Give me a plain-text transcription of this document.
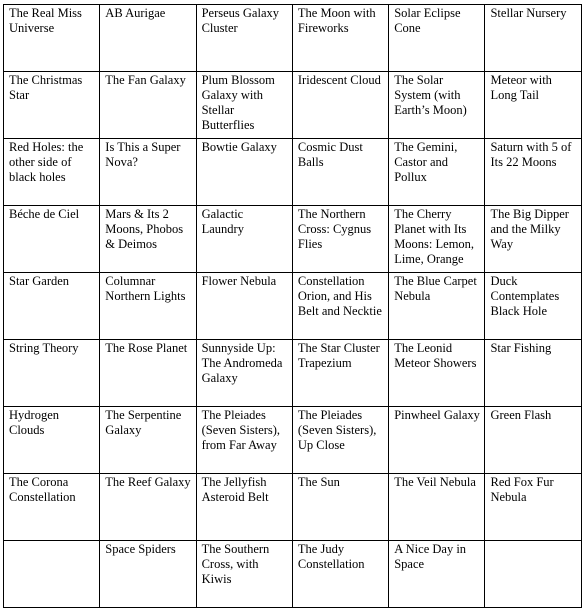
The Real Miss Universe	AB Aurigae	Perseus Galaxy Cluster	The Moon with Fireworks	Solar Eclipse Cone	Stellar Nursery
The Christmas Star	The Fan Galaxy	Plum Blossom Galaxy with Stellar Butterflies	Iridescent Cloud	The Solar System (with Earth’s Moon)	Meteor with Long Tail
Red Holes: the other side of black holes	Is This a Super Nova?	Bowtie Galaxy	Cosmic Dust Balls	The Gemini, Castor and Pollux	Saturn with 5 of Its 22 Moons
Béche de Ciel	Mars & Its 2 Moons, Phobos & Deimos	Galactic Laundry	The Northern Cross: Cygnus Flies	The Cherry Planet with Its Moons: Lemon, Lime, Orange	The Big Dipper and the Milky Way
Star Garden	Columnar Northern Lights	Flower Nebula	Constellation Orion, and His Belt and Necktie	The Blue Carpet Nebula	Duck Contemplates Black Hole
String Theory	The Rose Planet	Sunnyside Up: The Andromeda Galaxy	The Star Cluster Trapezium	The Leonid Meteor Showers	Star Fishing
Hydrogen Clouds	The Serpentine Galaxy	The Pleiades (Seven Sisters), from Far Away	The Pleiades (Seven Sisters), Up Close	Pinwheel Galaxy	Green Flash
The Corona Constellation	The Reef Galaxy	The Jellyfish Asteroid Belt	The Sun	The Veil Nebula	Red Fox Fur Nebula
	Space Spiders	The Southern Cross, with Kiwis	The Judy Constellation	A Nice Day in Space	
